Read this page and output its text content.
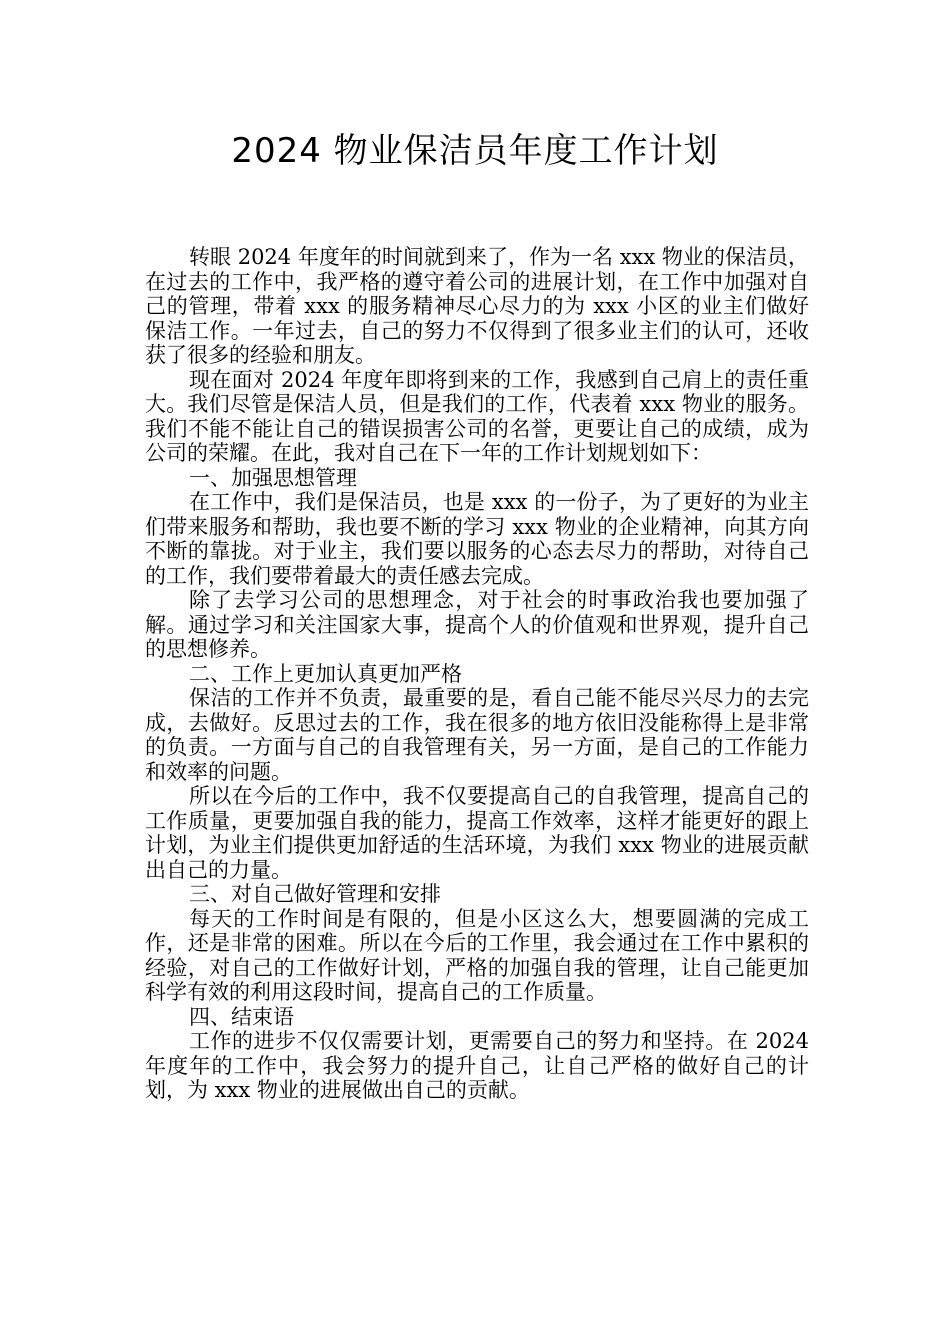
2024 物业保洁员年度工作计划

转眼 2024 年度年的时间就到来了，作为一名 xxx 物业的保洁员，在过去的工作中，我严格的遵守着公司的进展计划，在工作中加强对自己的管理，带着 xxx 的服务精神尽心尽力的为 xxx 小区的业主们做好保洁工作。一年过去，自己的努力不仅得到了很多业主们的认可，还收获了很多的经验和朋友。

现在面对 2024 年度年即将到来的工作，我感到自己肩上的责任重大。我们尽管是保洁人员，但是我们的工作，代表着 xxx 物业的服务。我们不能不能让自己的错误损害公司的名誉，更要让自己的成绩，成为公司的荣耀。在此，我对自己在下一年的工作计划规划如下：

一、加强思想管理

在工作中，我们是保洁员，也是 xxx 的一份子，为了更好的为业主们带来服务和帮助，我也要不断的学习 xxx 物业的企业精神，向其方向不断的靠拢。对于业主，我们要以服务的心态去尽力的帮助，对待自己的工作，我们要带着最大的责任感去完成。

除了去学习公司的思想理念，对于社会的时事政治我也要加强了解。通过学习和关注国家大事，提高个人的价值观和世界观，提升自己的思想修养。

二、工作上更加认真更加严格

保洁的工作并不负责，最重要的是，看自己能不能尽兴尽力的去完成，去做好。反思过去的工作，我在很多的地方依旧没能称得上是非常的负责。一方面与自己的自我管理有关，另一方面，是自己的工作能力和效率的问题。

所以在今后的工作中，我不仅要提高自己的自我管理，提高自己的工作质量，更要加强自我的能力，提高工作效率，这样才能更好的跟上计划，为业主们提供更加舒适的生活环境，为我们 xxx 物业的进展贡献出自己的力量。

三、对自己做好管理和安排

每天的工作时间是有限的，但是小区这么大，想要圆满的完成工作，还是非常的困难。所以在今后的工作里，我会通过在工作中累积的经验，对自己的工作做好计划，严格的加强自我的管理，让自己能更加科学有效的利用这段时间，提高自己的工作质量。

四、结束语

工作的进步不仅仅需要计划，更需要自己的努力和坚持。在 2024 年度年的工作中，我会努力的提升自己，让自己严格的做好自己的计划，为 xxx 物业的进展做出自己的贡献。
